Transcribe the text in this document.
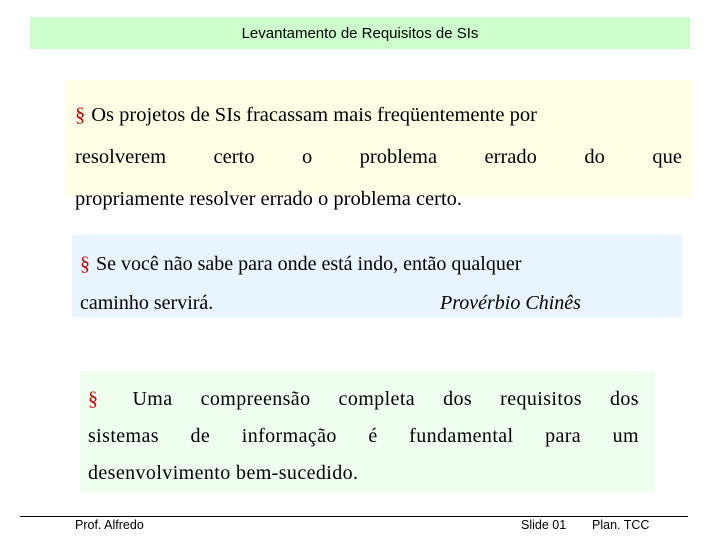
Levantamento de Requisitos de SIs
§ Os projetos de SIs fracassam mais freqüentemente por
resolverem certo o problema errado do que
propriamente resolver errado o problema certo.
§ Se você não sabe para onde está indo, então qualquer
caminho servirá.	Provérbio Chinês
§ Uma compreensão completa dos requisitos dos
sistemas de informação é fundamental para um
desenvolvimento bem-sucedido.
Prof. Alfredo	Slide 01 Plan. TCC
